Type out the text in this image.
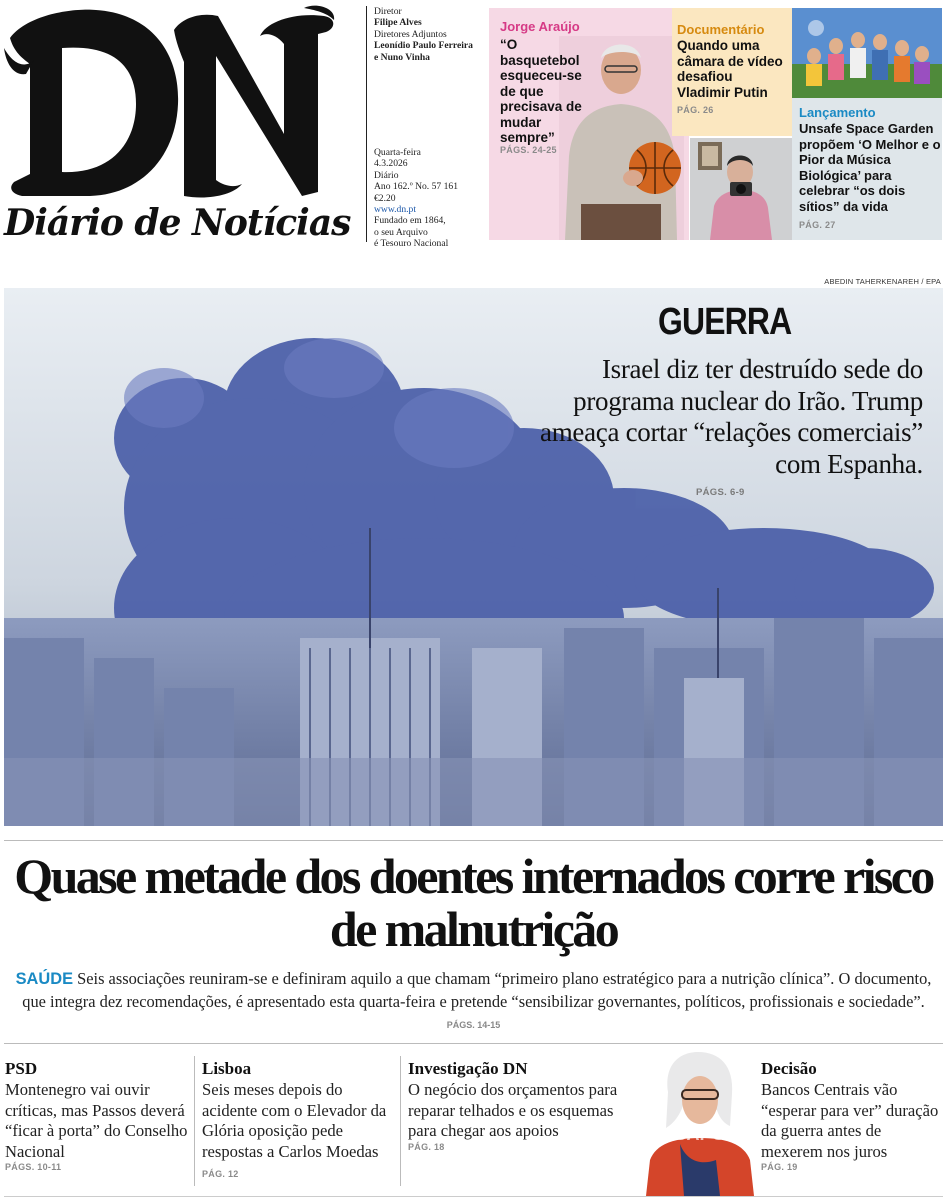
Diário de Notícias
Diretor
Filipe Alves
Diretores Adjuntos
Leonídio Paulo Ferreira
e Nuno Vinha
Quarta-feira
4.3.2026
Diário
Ano 162.º No. 57 161
€2.20
www.dn.pt
Fundado em 1864,
o seu Arquivo
é Tesouro Nacional
Jorge Araújo
“O basquetebol esqueceu-se de que precisava de mudar sempre”
PÁGS. 24-25
Documentário
Quando uma câmara de vídeo desafiou Vladimir Putin
PÁG. 26	Lançamento
Unsafe Space Garden propõem ‘O Melhor e o Pior da Música Biológica’ para celebrar “os dois sítios” da vida
PÁG. 27
ABEDIN TAHERKENAREH / EPA
GUERRA
Israel diz ter destruído sede do programa nuclear do Irão. Trump ameaça cortar “relações comerciais” com Espanha.
PÁGS. 6-9
Quase metade dos doentes internados corre risco de malnutrição
SAÚDE Seis associações reuniram-se e definiram aquilo a que chamam “primeiro plano estratégico para a nutrição clínica”. O documento, que integra dez recomendações, é apresentado esta quarta-feira e pretende “sensibilizar governantes, políticos, profissionais e sociedade”. PÁGS. 14-15
PSD
Montenegro vai ouvir críticas, mas Passos deverá “ficar à porta” do Conselho Nacional
PÁGS. 10-11
Lisboa
Seis meses depois do acidente com o Elevador da Glória oposição pede respostas a Carlos Moedas PÁG. 12
Investigação DN
O negócio dos orçamentos para reparar telhados e os esquemas para chegar aos apoios
PÁG. 18
SAPO
Decisão
Bancos Centrais vão “esperar para ver” duração da guerra antes de mexerem nos juros
PÁG. 19
